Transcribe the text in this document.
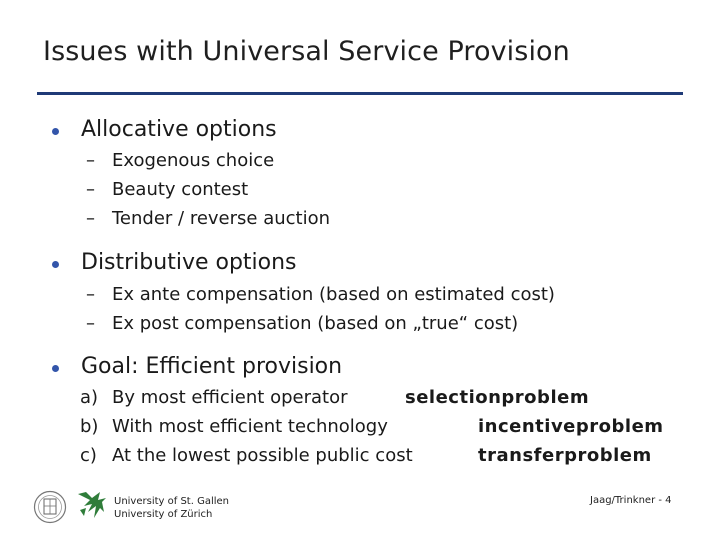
Issues with Universal Service Provision
Allocative options
– Exogenous choice
– Beauty contest
– Tender / reverse auction
Distributive options
– Ex ante compensation (based on estimated cost)
– Ex post compensation (based on „true“ cost)
Goal: Efficient provision
a) By most efficient operator	selectionproblem
b) With most efficient technology	incentiveproblem
c) At the lowest possible public cost	transferproblem
University of St. Gallen
University of Zürich
Jaag/Trinkner - 4
